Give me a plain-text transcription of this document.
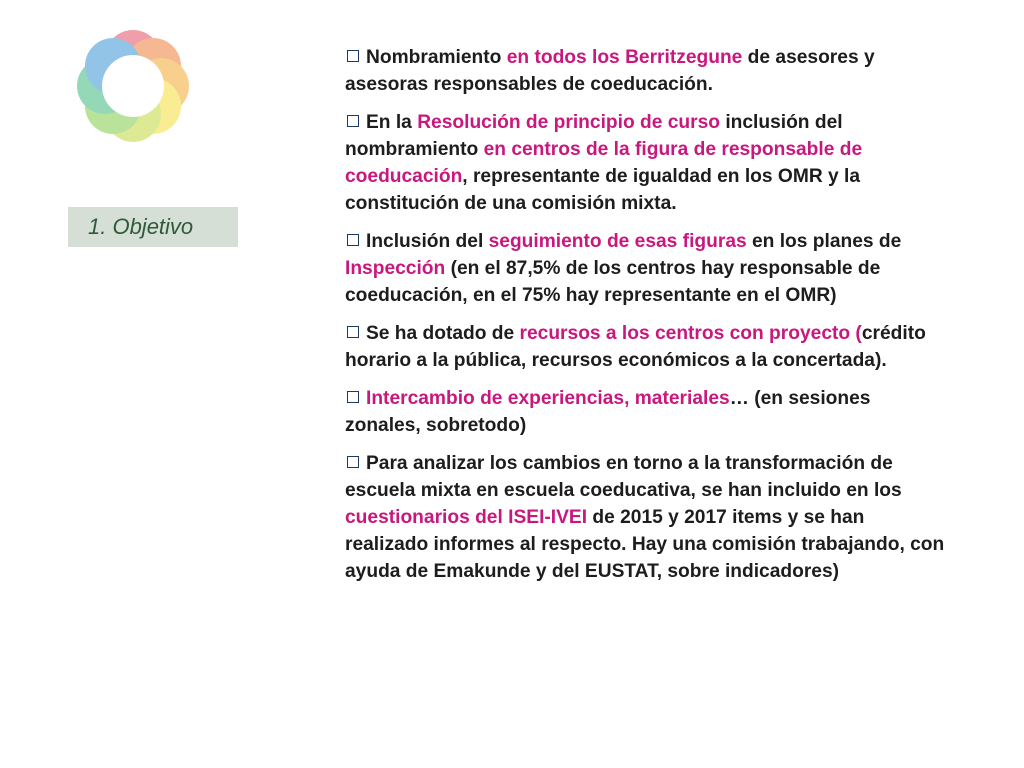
1. Objetivo
Nombramiento en todos los Berritzegune de asesores y asesoras responsables de coeducación.
En la Resolución de principio de curso inclusión del nombramiento en centros de la figura de responsable de coeducación, representante de igualdad en los OMR y la constitución de una comisión mixta.
Inclusión del seguimiento de esas figuras en los planes de Inspección (en el 87,5% de los centros hay responsable de coeducación, en el 75% hay representante en el OMR)
Se ha dotado de recursos a los centros con proyecto (crédito horario a la pública, recursos económicos a la concertada).
Intercambio de experiencias, materiales… (en sesiones zonales, sobretodo)
Para analizar los cambios en torno a la transformación de escuela mixta en escuela coeducativa, se han incluido en los cuestionarios del ISEI-IVEI de 2015 y 2017 items y se han realizado informes al respecto. Hay una comisión trabajando, con ayuda de Emakunde y del EUSTAT, sobre indicadores)
